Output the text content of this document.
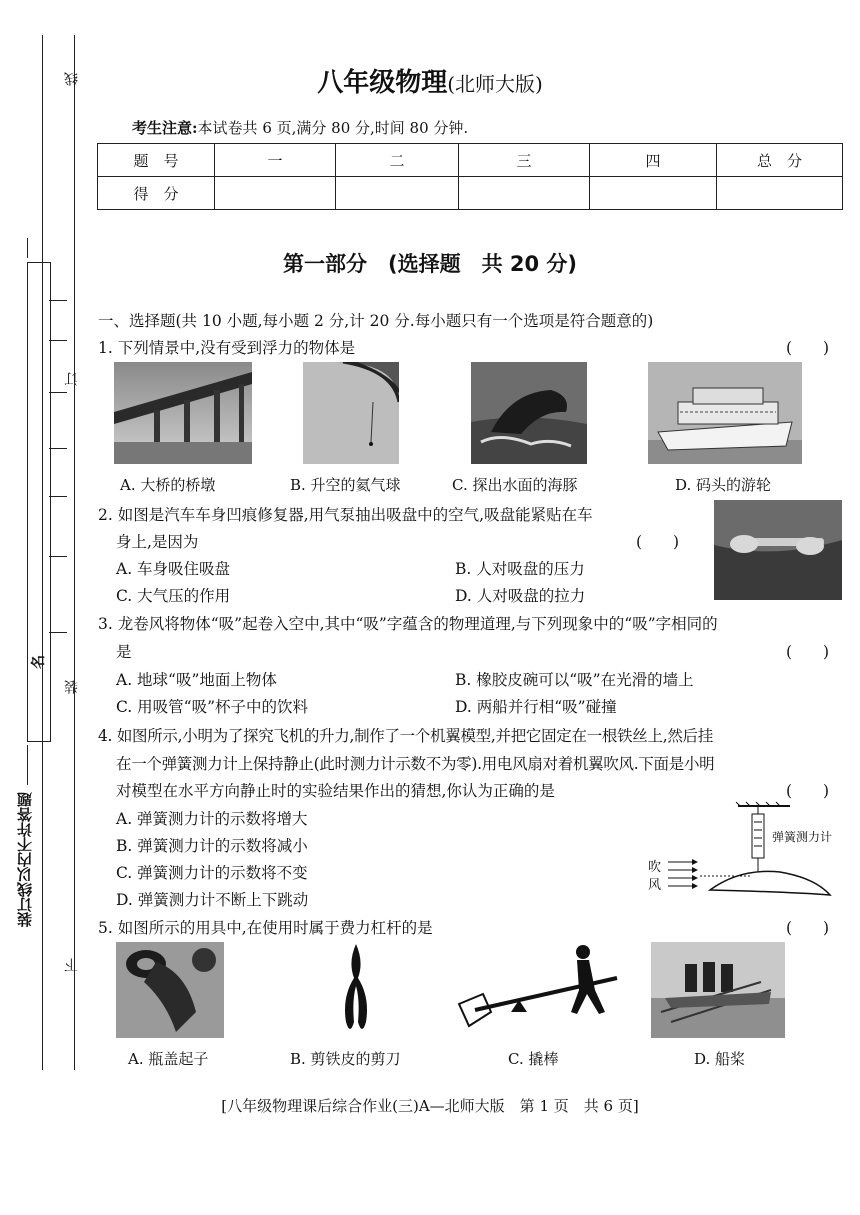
线
订
装
下
装订线以内不许答题
名
八年级物理(北师大版)
考生注意:本试卷共 6 页,满分 80 分,时间 80 分钟.
题　号	一	二	三	四	总　分
得　分					
第一部分　(选择题　共 20 分)
一、选择题(共 10 小题,每小题 2 分,计 20 分.每小题只有一个选项是符合题意的)
1. 下列情景中,没有受到浮力的物体是	(　　)
A. 大桥的桥墩	B. 升空的氦气球	C. 探出水面的海豚	D. 码头的游轮
2. 如图是汽车车身凹痕修复器,用气泵抽出吸盘中的空气,吸盘能紧贴在车
身上,是因为	(　　)
A. 车身吸住吸盘	B. 人对吸盘的压力
C. 大气压的作用	D. 人对吸盘的拉力
3. 龙卷风将物体“吸”起卷入空中,其中“吸”字蕴含的物理道理,与下列现象中的“吸”字相同的
是	(　　)
A. 地球“吸”地面上物体	B. 橡胶皮碗可以“吸”在光滑的墙上
C. 用吸管“吸”杯子中的饮料	D. 两船并行相“吸”碰撞
4. 如图所示,小明为了探究飞机的升力,制作了一个机翼模型,并把它固定在一根铁丝上,然后挂
在一个弹簧测力计上保持静止(此时测力计示数不为零).用电风扇对着机翼吹风.下面是小明
对模型在水平方向静止时的实验结果作出的猜想,你认为正确的是	(　　)
A. 弹簧测力计的示数将增大
B. 弹簧测力计的示数将减小
C. 弹簧测力计的示数将不变
D. 弹簧测力计不断上下跳动
弹簧测力计
吹
风
5. 如图所示的用具中,在使用时属于费力杠杆的是	(　　)
A. 瓶盖起子	B. 剪铁皮的剪刀	C. 撬棒	D. 船桨
[八年级物理课后综合作业(三)A—北师大版　第 1 页　共 6 页]
